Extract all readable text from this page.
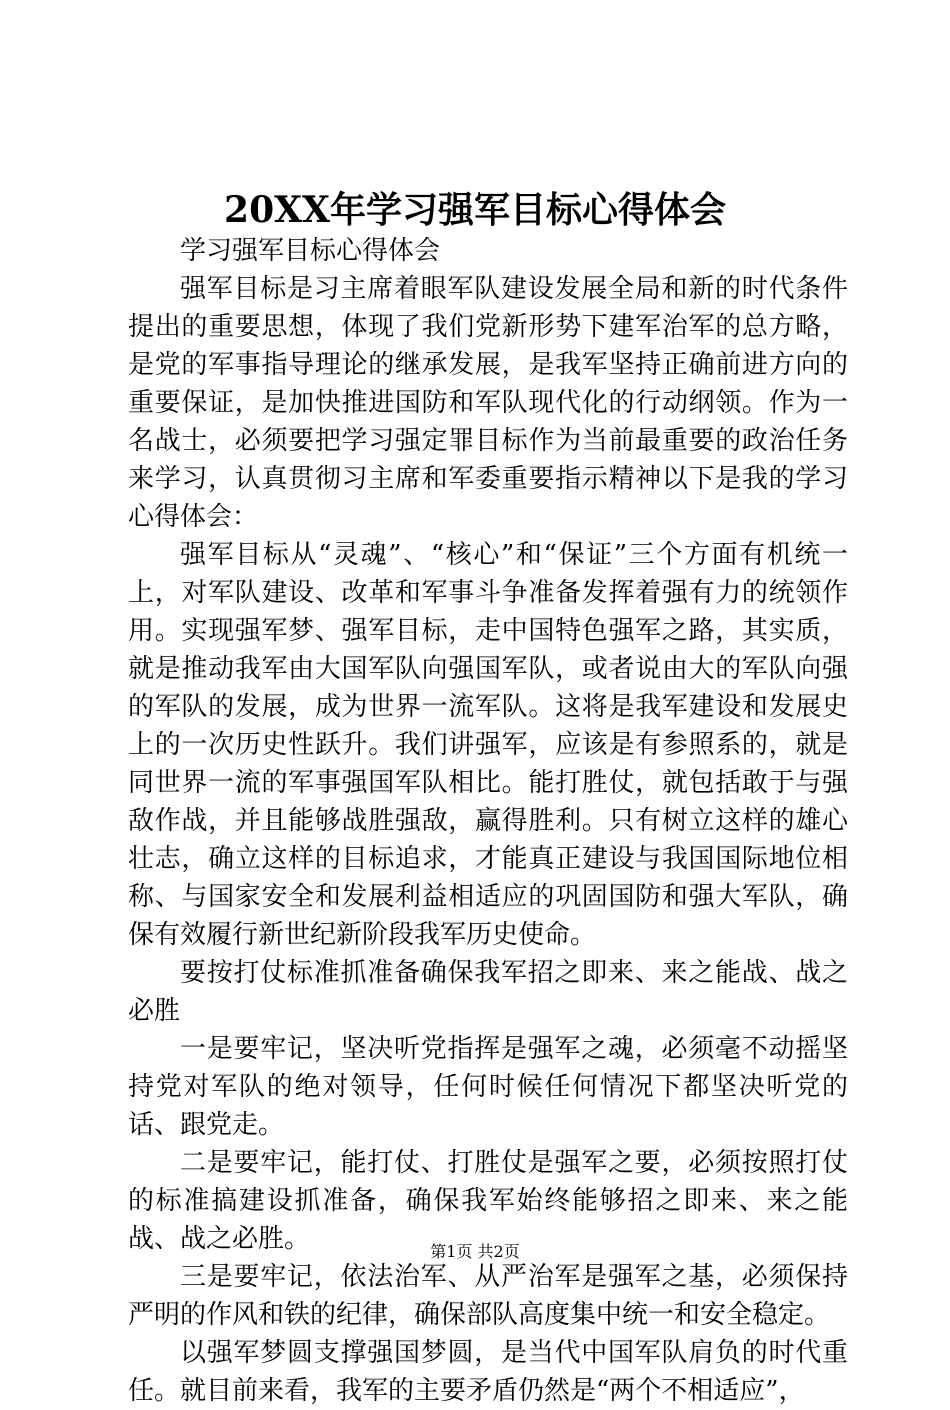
20XX年学习强军目标心得体会

学习强军目标心得体会

强军目标是习主席着眼军队建设发展全局和新的时代条件提出的重要思想，体现了我们党新形势下建军治军的总方略，是党的军事指导理论的继承发展，是我军坚持正确前进方向的重要保证，是加快推进国防和军队现代化的行动纲领。作为一名战士，必须要把学习强定罪目标作为当前最重要的政治任务来学习，认真贯彻习主席和军委重要指示精神以下是我的学习心得体会：

强军目标从“灵魂”、“核心”和“保证”三个方面有机统一上，对军队建设、改革和军事斗争准备发挥着强有力的统领作用。实现强军梦、强军目标，走中国特色强军之路，其实质，就是推动我军由大国军队向强国军队，或者说由大的军队向强的军队的发展，成为世界一流军队。这将是我军建设和发展史上的一次历史性跃升。我们讲强军，应该是有参照系的，就是同世界一流的军事强国军队相比。能打胜仗，就包括敢于与强敌作战，并且能够战胜强敌，赢得胜利。只有树立这样的雄心壮志，确立这样的目标追求，才能真正建设与我国国际地位相称、与国家安全和发展利益相适应的巩固国防和强大军队，确保有效履行新世纪新阶段我军历史使命。

要按打仗标准抓准备确保我军招之即来、来之能战、战之必胜

一是要牢记，坚决听党指挥是强军之魂，必须毫不动摇坚持党对军队的绝对领导，任何时候任何情况下都坚决听党的话、跟党走。

二是要牢记，能打仗、打胜仗是强军之要，必须按照打仗的标准搞建设抓准备，确保我军始终能够招之即来、来之能战、战之必胜。

三是要牢记，依法治军、从严治军是强军之基，必须保持严明的作风和铁的纪律，确保部队高度集中统一和安全稳定。

以强军梦圆支撑强国梦圆，是当代中国军队肩负的时代重任。就目前来看，我军的主要矛盾仍然是“两个不相适应”，

第1页 共2页
